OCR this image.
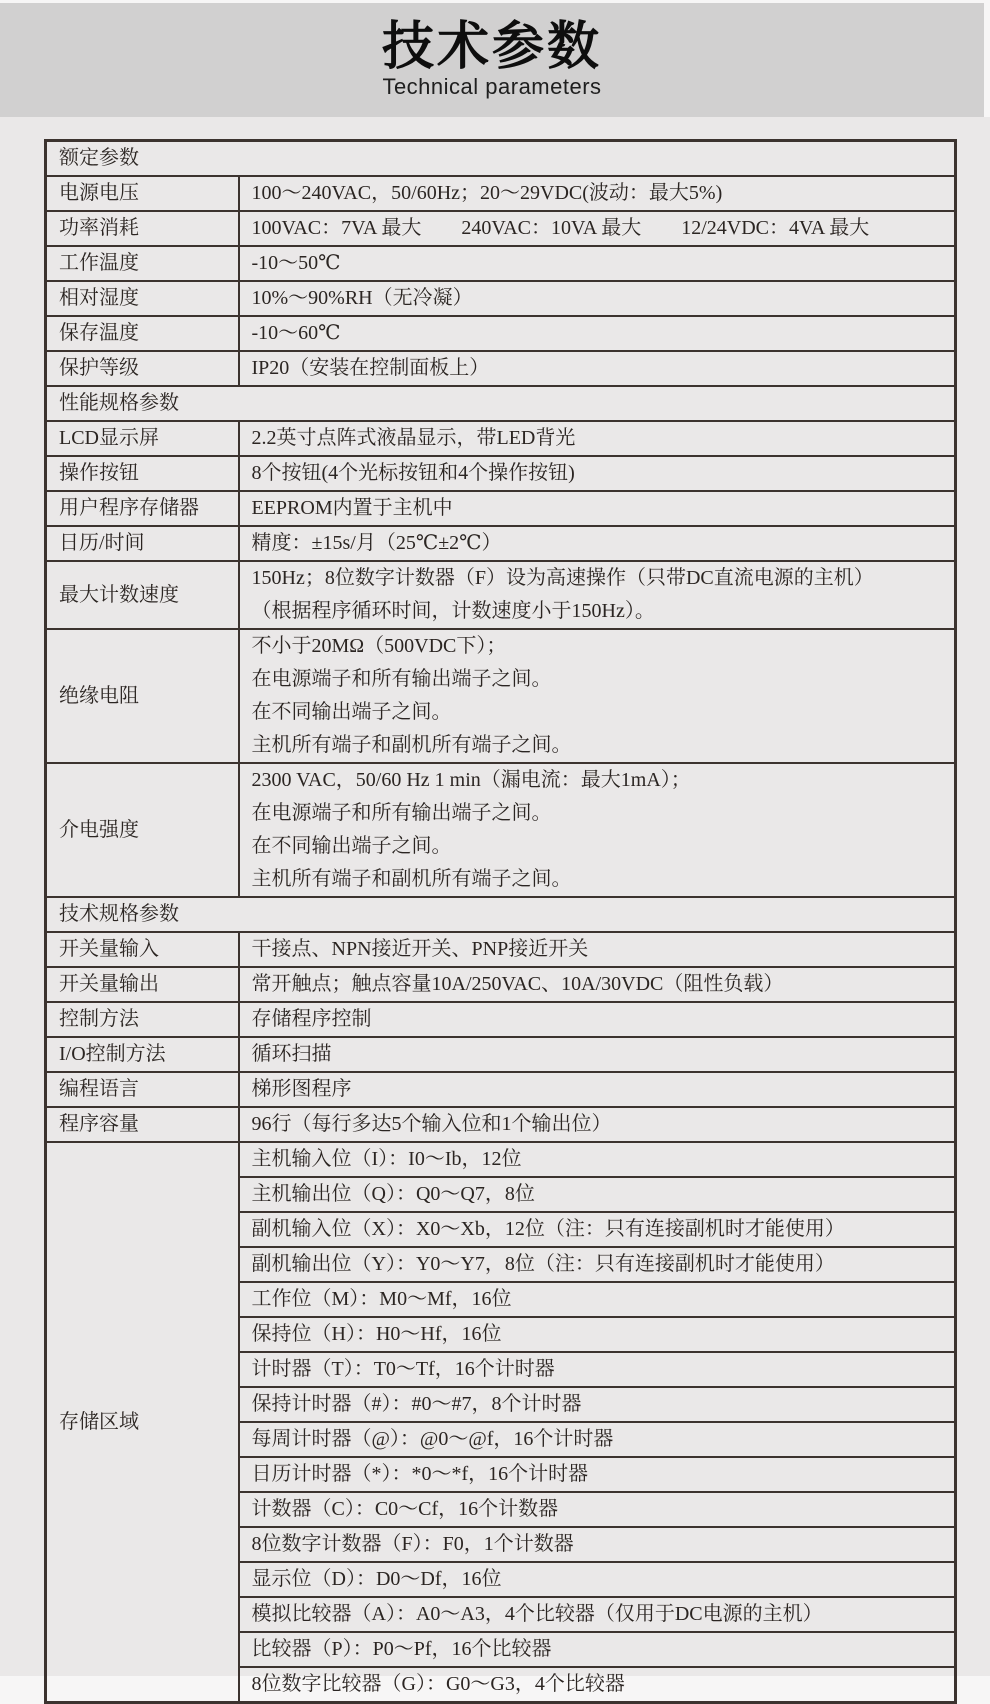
技术参数
Technical parameters
额定参数	
电源电压	100～240VAC，50/60Hz；20～29VDC(波动：最大5%)
功率消耗	100VAC：7VA 最大　　240VAC：10VA 最大　　12/24VDC：4VA 最大
工作温度	-10～50℃
相对湿度	10%～90%RH（无冷凝）
保存温度	-10～60℃
保护等级	IP20（安装在控制面板上）
性能规格参数	
LCD显示屏	2.2英寸点阵式液晶显示，带LED背光
操作按钮	8个按钮(4个光标按钮和4个操作按钮)
用户程序存储器	EEPROM内置于主机中
日历/时间	精度：±15s/月（25℃±2℃）
最大计数速度	150Hz；8位数字计数器（F）设为高速操作（只带DC直流电源的主机）
（根据程序循环时间，计数速度小于150Hz）。

绝缘电阻	不小于20MΩ（500VDC下）；
在电源端子和所有输出端子之间。
在不同输出端子之间。
主机所有端子和副机所有端子之间。

介电强度	2300 VAC，50/60 Hz 1 min（漏电流：最大1mA）；
在电源端子和所有输出端子之间。
在不同输出端子之间。
主机所有端子和副机所有端子之间。

技术规格参数	
开关量输入	干接点、NPN接近开关、PNP接近开关
开关量输出	常开触点；触点容量10A/250VAC、10A/30VDC（阻性负载）
控制方法	存储程序控制
I/O控制方法	循环扫描
编程语言	梯形图程序
程序容量	96行（每行多达5个输入位和1个输出位）
存储区域	主机输入位（I）：I0～Ib，12位
	主机输出位（Q）：Q0～Q7，8位
	副机输入位（X）：X0～Xb，12位（注：只有连接副机时才能使用）
	副机输出位（Y）：Y0～Y7，8位（注：只有连接副机时才能使用）
	工作位（M）：M0～Mf，16位
	保持位（H）：H0～Hf，16位
	计时器（T）：T0～Tf，16个计时器
	保持计时器（#）：#0～#7，8个计时器
	每周计时器（@）：@0～@f，16个计时器
	日历计时器（*）：*0～*f，16个计时器
	计数器（C）：C0～Cf，16个计数器
	8位数字计数器（F）：F0，1个计数器
	显示位（D）：D0～Df，16位
	模拟比较器（A）：A0～A3，4个比较器（仅用于DC电源的主机）
	比较器（P）：P0～Pf，16个比较器
	8位数字比较器（G）：G0～G3，4个比较器
